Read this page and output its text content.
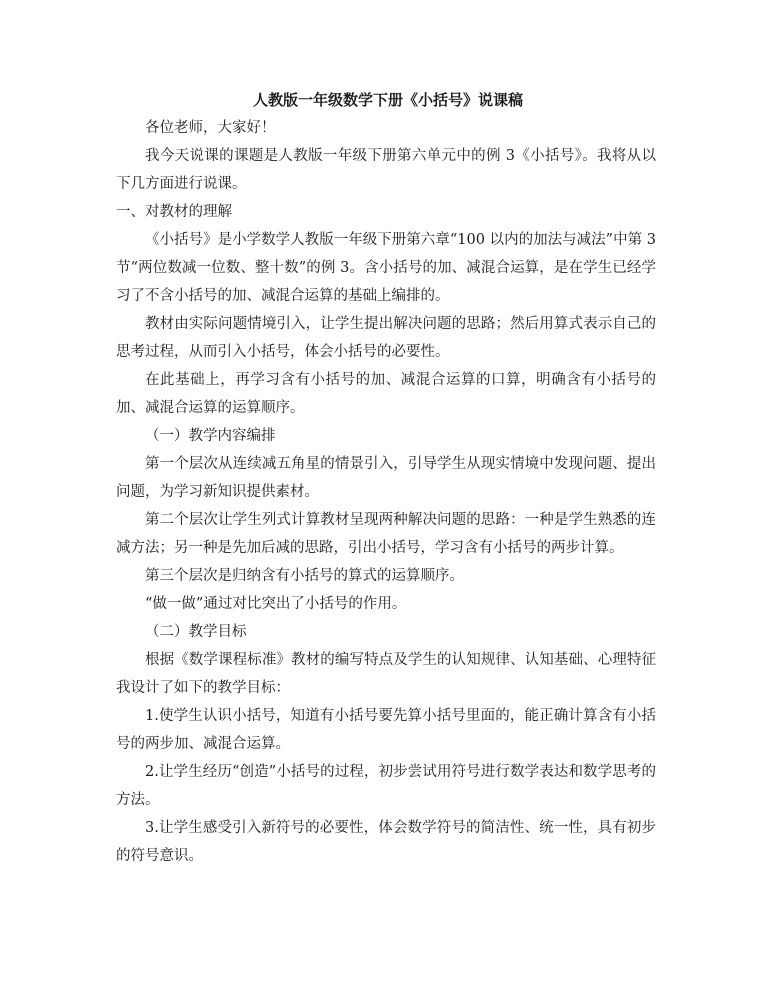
人教版一年级数学下册《小括号》说课稿

各位老师，大家好！

我今天说课的课题是人教版一年级下册第六单元中的例 3《小括号》。我将从以下几方面进行说课。

一、对教材的理解

《小括号》是小学数学人教版一年级下册第六章“100 以内的加法与减法”中第 3 节“两位数减一位数、整十数”的例 3。含小括号的加、减混合运算，是在学生已经学习了不含小括号的加、减混合运算的基础上编排的。

教材由实际问题情境引入，让学生提出解决问题的思路；然后用算式表示自己的思考过程，从而引入小括号，体会小括号的必要性。

在此基础上，再学习含有小括号的加、减混合运算的口算，明确含有小括号的加、减混合运算的运算顺序。

（一）教学内容编排

第一个层次从连续减五角星的情景引入，引导学生从现实情境中发现问题、提出问题，为学习新知识提供素材。

第二个层次让学生列式计算教材呈现两种解决问题的思路：一种是学生熟悉的连减方法；另一种是先加后减的思路，引出小括号，学习含有小括号的两步计算。

第三个层次是归纳含有小括号的算式的运算顺序。

“做一做”通过对比突出了小括号的作用。

（二）教学目标

根据《数学课程标准》教材的编写特点及学生的认知规律、认知基础、心理特征我设计了如下的教学目标：

1.使学生认识小括号，知道有小括号要先算小括号里面的，能正确计算含有小括号的两步加、减混合运算。

2.让学生经历“创造”小括号的过程，初步尝试用符号进行数学表达和数学思考的方法。

3.让学生感受引入新符号的必要性，体会数学符号的简洁性、统一性，具有初步的符号意识。
